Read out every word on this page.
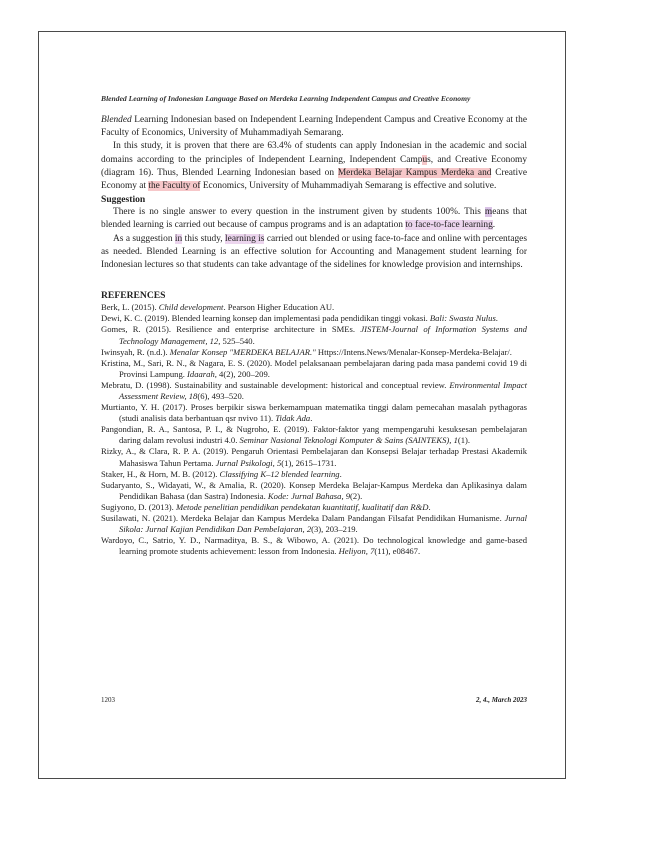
Blended Learning of Indonesian Language Based on Merdeka Learning Independent Campus and Creative Economy

Blended Learning Indonesian based on Independent Learning Independent Campus and Creative Economy at the Faculty of Economics, University of Muhammadiyah Semarang.

In this study, it is proven that there are 63.4% of students can apply Indonesian in the academic and social domains according to the principles of Independent Learning, Independent Campus, and Creative Economy (diagram 16). Thus, Blended Learning Indonesian based on Merdeka Belajar Kampus Merdeka and Creative Economy at the Faculty of Economics, University of Muhammadiyah Semarang is effective and solutive.

Suggestion

There is no single answer to every question in the instrument given by students 100%. This means that blended learning is carried out because of campus programs and is an adaptation to face-to-face learning.

As a suggestion in this study, learning is carried out blended or using face-to-face and online with percentages as needed. Blended Learning is an effective solution for Accounting and Management student learning for Indonesian lectures so that students can take advantage of the sidelines for knowledge provision and internships.

REFERENCES

Berk, L. (2015). Child development. Pearson Higher Education AU.

Dewi, K. C. (2019). Blended learning konsep dan implementasi pada pendidikan tinggi vokasi. Bali: Swasta Nulus.

Gomes, R. (2015). Resilience and enterprise architecture in SMEs. JISTEM-Journal of Information Systems and Technology Management, 12, 525–540.

Iwinsyah, R. (n.d.). Menalar Konsep "MERDEKA BELAJAR." Https://Intens.News/Menalar-Konsep-Merdeka-Belajar/.

Kristina, M., Sari, R. N., & Nagara, E. S. (2020). Model pelaksanaan pembelajaran daring pada masa pandemi covid 19 di Provinsi Lampung. Idaarah, 4(2), 200–209.

Mebratu, D. (1998). Sustainability and sustainable development: historical and conceptual review. Environmental Impact Assessment Review, 18(6), 493–520.

Murtianto, Y. H. (2017). Proses berpikir siswa berkemampuan matematika tinggi dalam pemecahan masalah pythagoras (studi analisis data berbantuan qsr nvivo 11). Tidak Ada.

Pangondian, R. A., Santosa, P. I., & Nugroho, E. (2019). Faktor-faktor yang mempengaruhi kesuksesan pembelajaran daring dalam revolusi industri 4.0. Seminar Nasional Teknologi Komputer & Sains (SAINTEKS), 1(1).

Rizky, A., & Clara, R. P. A. (2019). Pengaruh Orientasi Pembelajaran dan Konsepsi Belajar terhadap Prestasi Akademik Mahasiswa Tahun Pertama. Jurnal Psikologi, 5(1), 2615–1731.

Staker, H., & Horn, M. B. (2012). Classifying K–12 blended learning.

Sudaryanto, S., Widayati, W., & Amalia, R. (2020). Konsep Merdeka Belajar-Kampus Merdeka dan Aplikasinya dalam Pendidikan Bahasa (dan Sastra) Indonesia. Kode: Jurnal Bahasa, 9(2).

Sugiyono, D. (2013). Metode penelitian pendidikan pendekatan kuantitatif, kualitatif dan R&D.

Susilawati, N. (2021). Merdeka Belajar dan Kampus Merdeka Dalam Pandangan Filsafat Pendidikan Humanisme. Jurnal Sikola: Jurnal Kajian Pendidikan Dan Pembelajaran, 2(3), 203–219.

Wardoyo, C., Satrio, Y. D., Narmaditya, B. S., & Wibowo, A. (2021). Do technological knowledge and game-based learning promote students achievement: lesson from Indonesia. Heliyon, 7(11), e08467.

1203	2, 4., March 2023
